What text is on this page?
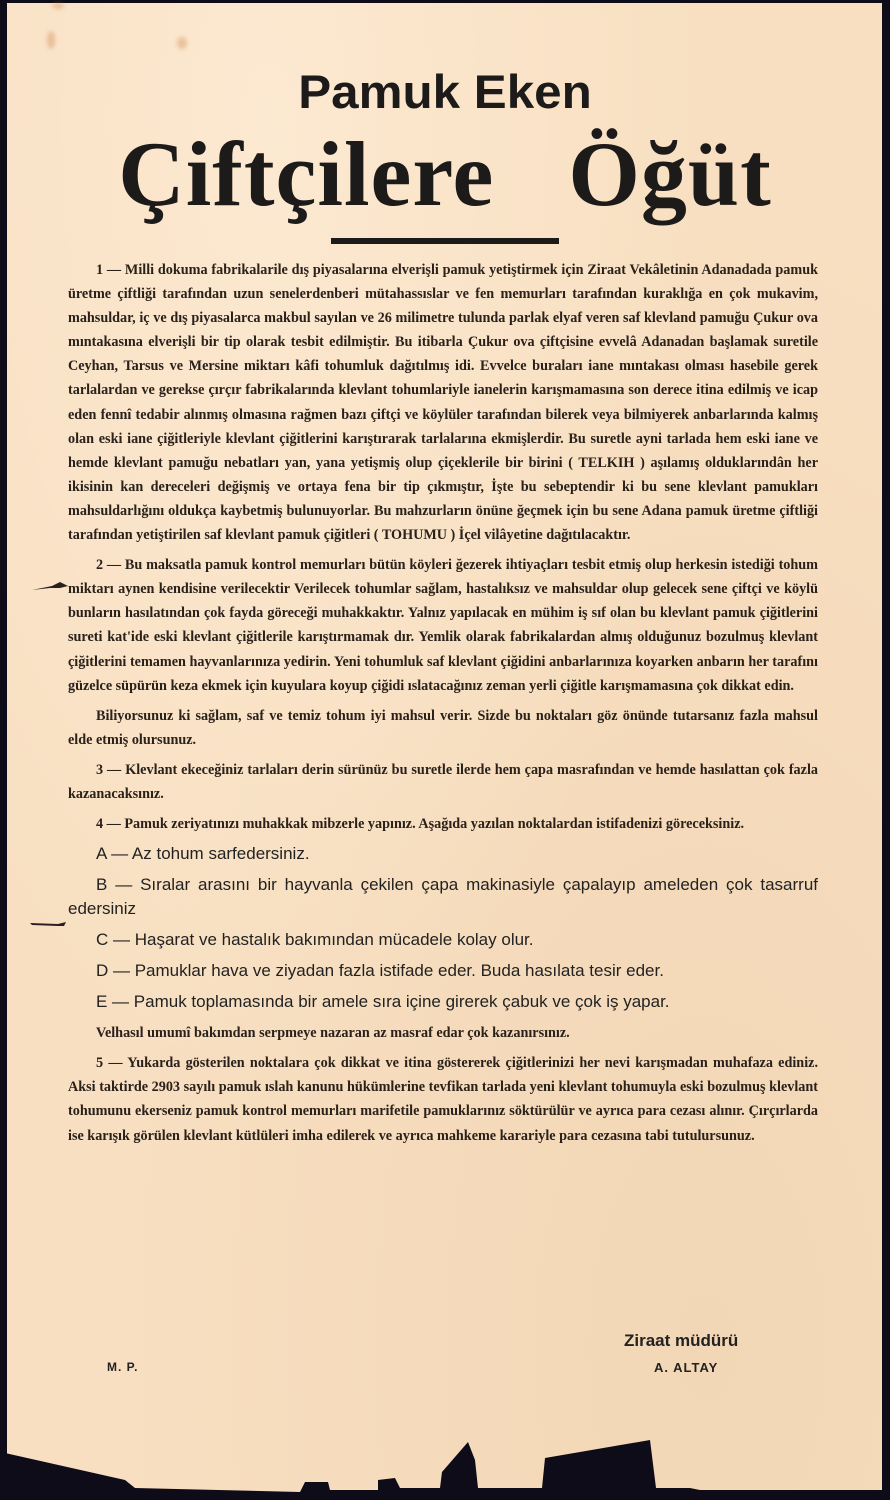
Pamuk Eken
Çiftçilere Öğüt

1 — Milli dokuma fabrikalarile dış piyasalarına elverişli pamuk yetiştirmek için Ziraat Vekâletinin Adanadada pamuk üretme çiftliği tarafından uzun senelerdenberi mütahassıslar ve fen memurları tarafından kuraklığa en çok mukavim, mahsuldar, iç ve dış piyasalarca makbul sayılan ve 26 milimetre tulunda parlak elyaf veren saf klevland pamuğu Çukur ova mıntakasına elverişli bir tip olarak tesbit edilmiştir. Bu itibarla Çukur ova çiftçisine evvelâ Adanadan başlamak suretile Ceyhan, Tarsus ve Mersine miktarı kâfi tohumluk dağıtılmış idi. Evvelce buraları iane mıntakası olması hasebile gerek tarlalardan ve gerekse çırçır fabrikalarında klevlant tohumlariyle ianelerin karışmamasına son derece itina edilmiş ve icap eden fennî tedabir alınmış olmasına rağmen bazı çiftçi ve köylüler tarafından bilerek veya bilmiyerek anbarlarında kalmış olan eski iane çiğitleriyle klevlant çiğitlerini karıştırarak tarlalarına ekmişlerdir. Bu suretle ayni tarlada hem eski iane ve hemde klevlant pamuğu nebatları yan, yana yetişmiş olup çiçeklerile bir birini ( TELKIH ) aşılamış olduklarındân her ikisinin kan dereceleri değişmiş ve ortaya fena bir tip çıkmıştır, İşte bu sebeptendir ki bu sene klevlant pamukları mahsuldarlığını oldukça kaybetmiş bulunuyorlar. Bu mahzurların önüne ğeçmek için bu sene Adana pamuk üretme çiftliği tarafından yetiştirilen saf klevlant pamuk çiğitleri ( TOHUMU ) İçel vilâyetine dağıtılacaktır.

2 — Bu maksatla pamuk kontrol memurları bütün köyleri ğezerek ihtiyaçları tesbit etmiş olup herkesin istediği tohum miktarı aynen kendisine verilecektir Verilecek tohumlar sağlam, hastalıksız ve mahsuldar olup gelecek sene çiftçi ve köylü bunların hasılatından çok fayda göreceği muhakkaktır. Yalnız yapılacak en mühim iş sıf olan bu klevlant pamuk çiğitlerini sureti kat'ide eski klevlant çiğitlerile karıştırmamak dır. Yemlik olarak fabrikalardan almış olduğunuz bozulmuş klevlant çiğitlerini temamen hayvanlarınıza yedirin. Yeni tohumluk saf klevlant çiğidini anbarlarınıza koyarken anbarın her tarafını güzelce süpürün keza ekmek için kuyulara koyup çiğidi ıslatacağınız zeman yerli çiğitle karışmamasına çok dikkat edin.

Biliyorsunuz ki sağlam, saf ve temiz tohum iyi mahsul verir. Sizde bu noktaları göz önünde tutarsanız fazla mahsul elde etmiş olursunuz.

3 — Klevlant ekeceğiniz tarlaları derin sürünüz bu suretle ilerde hem çapa masrafından ve hemde hasılattan çok fazla kazanacaksınız.

4 — Pamuk zeriyatınızı muhakkak mibzerle yapınız. Aşağıda yazılan noktalardan istifadenizi göreceksiniz.

A — Az tohum sarfedersiniz.
B — Sıralar arasını bir hayvanla çekilen çapa makinasiyle çapalayıp ameleden çok tasarruf edersiniz
C — Haşarat ve hastalık bakımından mücadele kolay olur.
D — Pamuklar hava ve ziyadan fazla istifade eder. Buda hasılata tesir eder.
E — Pamuk toplamasında bir amele sıra içine girerek çabuk ve çok iş yapar.

Velhasıl umumî bakımdan serpmeye nazaran az masraf edar çok kazanırsınız.

5 — Yukarda gösterilen noktalara çok dikkat ve itina göstererek çiğitlerinizi her nevi karışmadan muhafaza ediniz. Aksi taktirde 2903 sayılı pamuk ıslah kanunu hükümlerine tevfikan tarlada yeni klevlant tohumuyla eski bozulmuş klevlant tohumunu ekerseniz pamuk kontrol memurları marifetile pamuklarınız söktürülür ve ayrıca para cezası alınır. Çırçırlarda ise karışık görülen klevlant kütlüleri imha edilerek ve ayrıca mahkeme karariyle para cezasına tabi tutulursunuz.

Ziraat müdürü
A. ALTAY
M. P.
